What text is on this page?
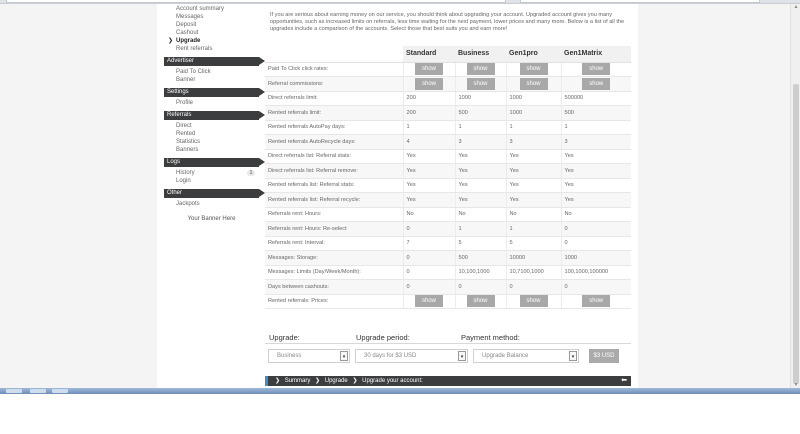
▲
▼
Account summary
Messages
Deposit
Cashout
❯ Upgrade
Rent referrals
Advertiser
Paid To Click
Banner
Settings
Profile
Referrals
Direct
Rented
Statistics
Banners
Logs
History	1
Login
Other
Jackpots
Your Banner Here
If you are serious about earning money on our service, you should think about upgrading your account. Upgraded account gives you many opportunities, such as increased limits on referrals, less time waiting for the next payment, lower prices and many more. Below is a list of all the upgrades include a comparison of the accounts. Select those that best suits you and earn more!
	Standard	Business	Gen1pro	Gen1Matrix
Paid To Click click rates:	show	show	show	show
Referral commissions:	show	show	show	show
Direct referrals limit:	200	1000	1000	500000
Rented referrals limit:	200	500	1000	500
Rented referrals AutoPay days:	1	1	1	1
Rented referrals AutoRecycle days:	4	3	3	3
Direct referrals list: Referral stats:	Yes	Yes	Yes	Yes
Direct referrals list: Referral remove:	Yes	Yes	Yes	Yes
Rented referrals list: Referral stats:	Yes	Yes	Yes	Yes
Rented referrals list: Referral recycle:	Yes	Yes	Yes	Yes
Referrals rent: Hours:	No	No	No	No
Referrals rent: Hours: Re-select	0	1	1	0
Referrals rent: Interval:	7	5	5	0
Messages: Storage:	0	500	10000	1000
Messages: Limits (Day/Week/Month):	0	10,100,1000	10,7100,1000	100,1000,100000
Days between cashouts:	0	0	0	0
Rented referrals: Prices:	show	show	show	show
Upgrade:	Upgrade period:	Payment method:
Business	▾	30 days for $3 USD	▾	Upgrade Balance	▾	$3 USD
❯ Summary ❯ Upgrade ❯ Upgrade your account:	⬅
